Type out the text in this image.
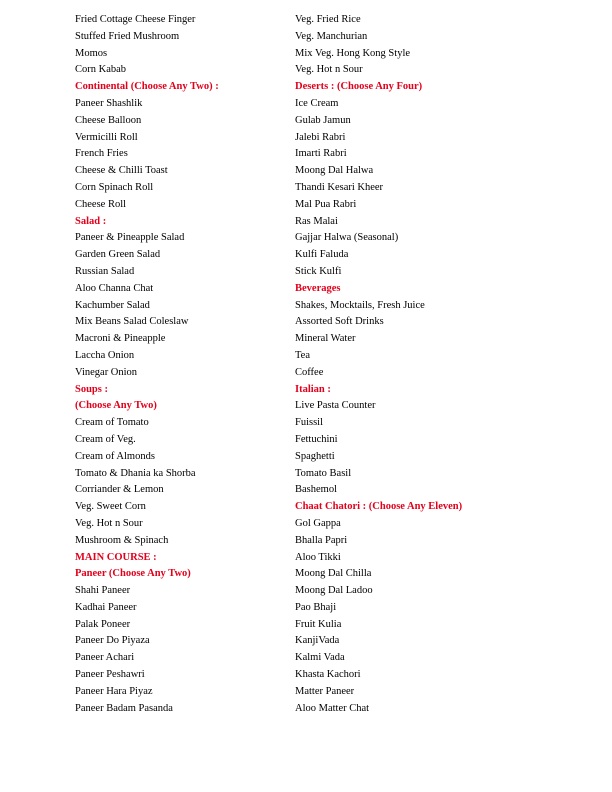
Fried Cottage Cheese Finger
Stuffed Fried Mushroom
Momos
Corn Kabab
Continental (Choose Any Two) :
Paneer Shashlik
Cheese Balloon
Vermicilli Roll
French Fries
Cheese & Chilli Toast
Corn Spinach Roll
Cheese Roll
Salad :
Paneer & Pineapple Salad
Garden Green Salad
Russian Salad
Aloo Channa Chat
Kachumber Salad
Mix Beans Salad Coleslaw
Macroni & Pineapple
Laccha Onion
Vinegar Onion
Soups :
(Choose Any Two)
Cream of Tomato
Cream of Veg.
Cream of Almonds
Tomato & Dhania ka Shorba
Corriander & Lemon
Veg. Sweet Corn
Veg. Hot n Sour
Mushroom & Spinach
MAIN COURSE :
Paneer (Choose Any Two)
Shahi Paneer
Kadhai Paneer
Palak Poneer
Paneer Do Piyaza
Paneer Achari
Paneer Peshawri
Paneer Hara Piyaz
Paneer Badam Pasanda
Veg. Fried Rice
Veg. Manchurian
Mix Veg. Hong Kong Style
Veg. Hot n Sour
Deserts : (Choose Any Four)
Ice Cream
Gulab Jamun
Jalebi Rabri
Imarti Rabri
Moong Dal Halwa
Thandi Kesari Kheer
Mal Pua Rabri
Ras Malai
Gajjar Halwa (Seasonal)
Kulfi Faluda
Stick Kulfi
Beverages
Shakes, Mocktails, Fresh Juice
Assorted Soft Drinks
Mineral Water
Tea
Coffee
Italian :
Live Pasta Counter
Fuissil
Fettuchini
Spaghetti
Tomato Basil
Bashemol
Chaat Chatori : (Choose Any Eleven)
Gol Gappa
Bhalla Papri
Aloo Tikki
Moong Dal Chilla
Moong Dal Ladoo
Pao Bhaji
Fruit Kulia
KanjiVada
Kalmi Vada
Khasta Kachori
Matter Paneer
Aloo Matter Chat
